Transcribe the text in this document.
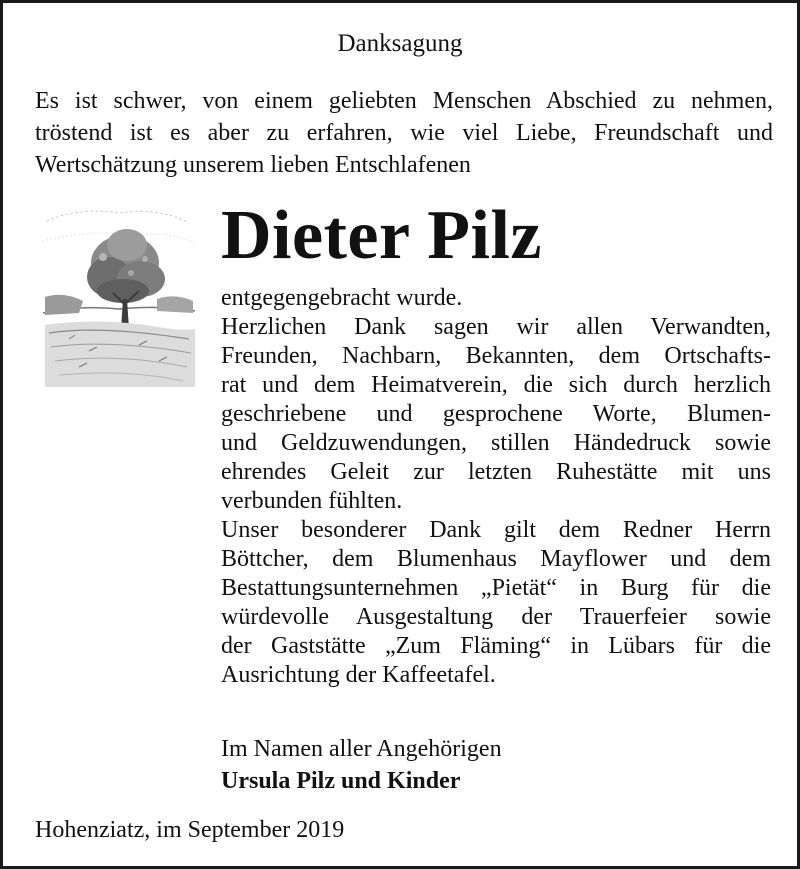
Danksagung
Es ist schwer, von einem geliebten Menschen Abschied zu nehmen,
tröstend ist es aber zu erfahren, wie viel Liebe, Freundschaft und
Wertschätzung unserem lieben Entschlafenen
Dieter Pilz
entgegengebracht wurde.
Herzlichen Dank sagen wir allen Verwandten,
Freunden, Nachbarn, Bekannten, dem Ortschafts-
rat und dem Heimatverein, die sich durch herzlich
geschriebene und gesprochene Worte, Blumen-
und Geldzuwendungen, stillen Händedruck sowie
ehrendes Geleit zur letzten Ruhestätte mit uns
verbunden fühlten.
Unser besonderer Dank gilt dem Redner Herrn
Böttcher, dem Blumenhaus Mayflower und dem
Bestattungsunternehmen „Pietät“ in Burg für die
würdevolle Ausgestaltung der Trauerfeier sowie
der Gaststätte „Zum Fläming“ in Lübars für die
Ausrichtung der Kaffeetafel.
Im Namen aller Angehörigen
Ursula Pilz und Kinder
Hohenziatz, im September 2019
